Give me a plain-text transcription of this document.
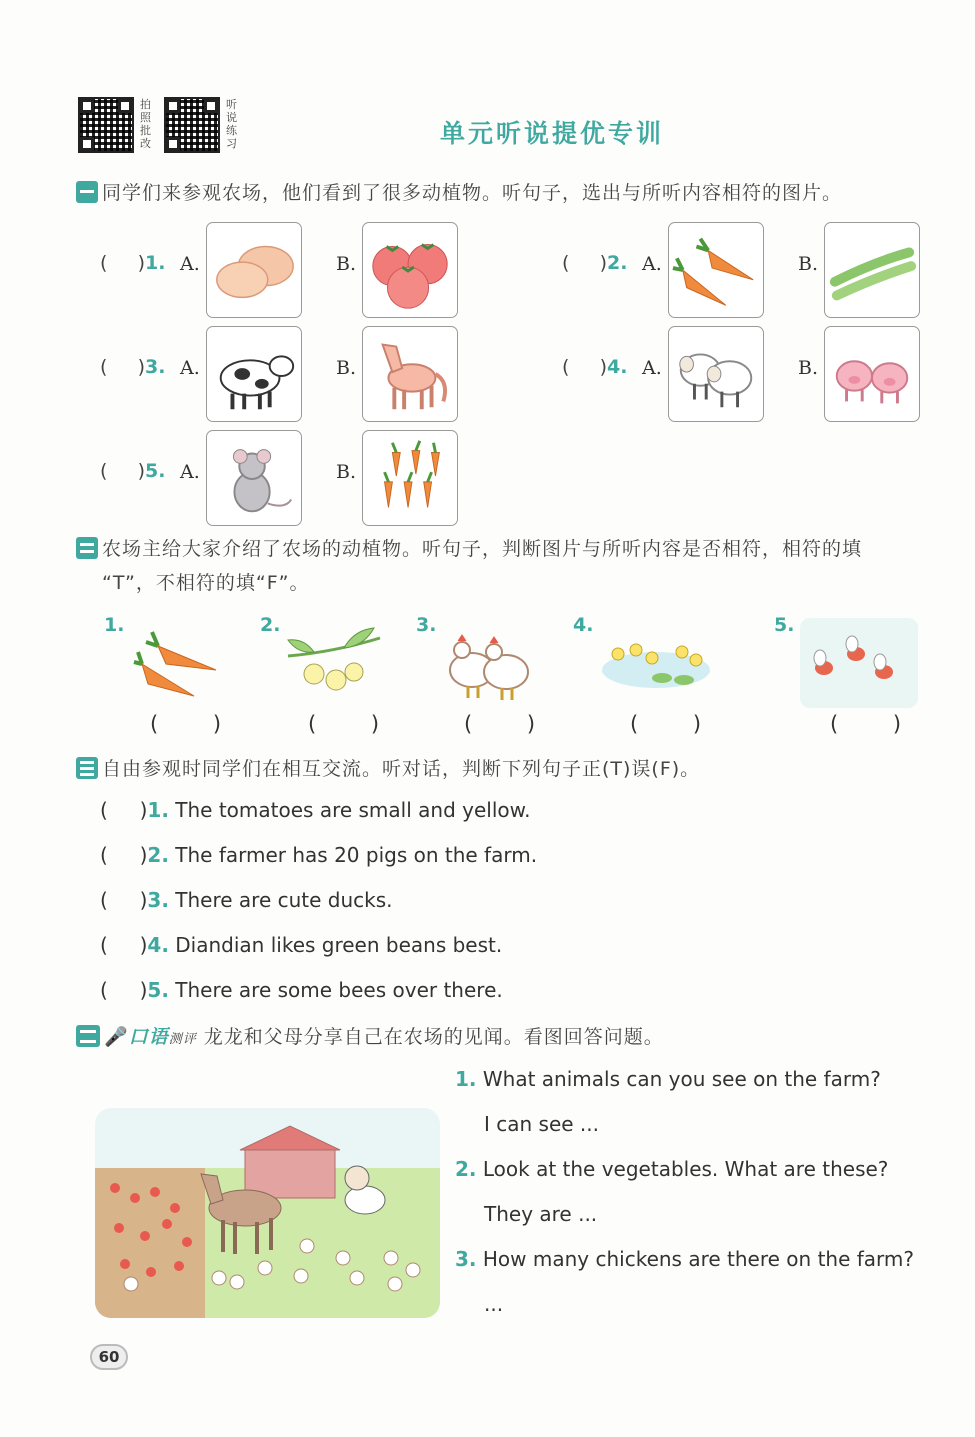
拍照批改
听说练习	单元听说提优专训
同学们来参观农场，他们看到了很多动植物。听句子，选出与所听内容相符的图片。
(     )1. A.	B.	(     )2. A.	B.
(     )3. A.	B.	(     )4. A.	B.
(     )5. A.	B.
农场主给大家介绍了农场的动植物。听句子，判断图片与所听内容是否相符，相符的填
“T”，不相符的填“F”。
1.
( )
2.
( )
3.
( )
4.
( )
5.
( )
自由参观时同学们在相互交流。听对话，判断下列句子正(T)误(F)。
(     )1. The tomatoes are small and yellow.
(     )2. The farmer has 20 pigs on the farm.
(     )3. There are cute ducks.
(     )4. Diandian likes green beans best.
(     )5. There are some bees over there.
🎤口语测评 龙龙和父母分享自己在农场的见闻。看图回答问题。
1. What animals can you see on the farm?
I can see ...
2. Look at the vegetables. What are these?
They are ...
3. How many chickens are there on the farm?
...
60
